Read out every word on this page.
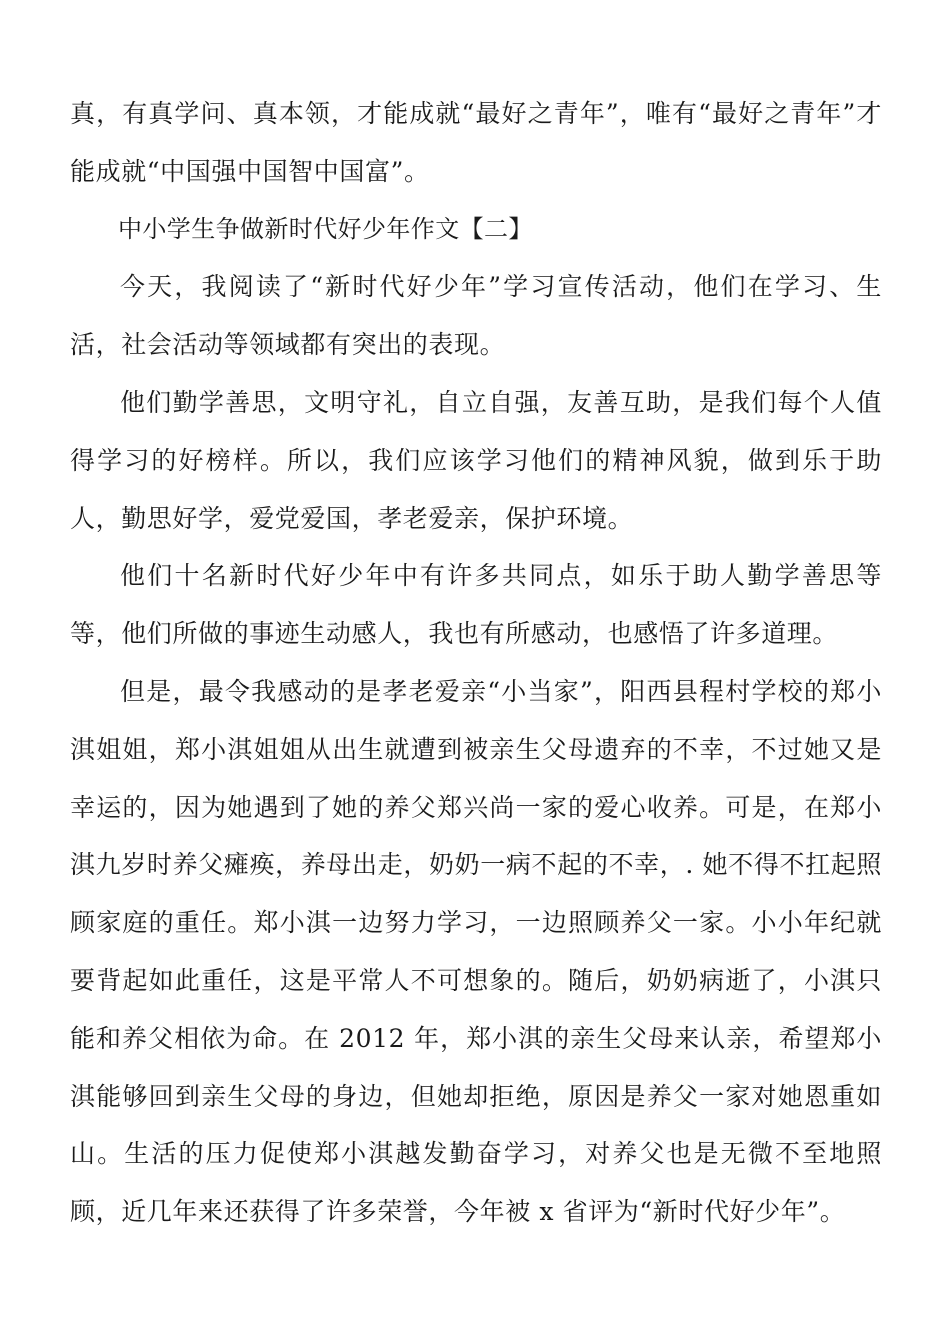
真，有真学问、真本领，才能成就“最好之青年”，唯有“最好之青年”才能成就“中国强中国智中国富”。

中小学生争做新时代好少年作文【二】

今天，我阅读了“新时代好少年”学习宣传活动，他们在学习、生活，社会活动等领域都有突出的表现。

他们勤学善思，文明守礼，自立自强，友善互助，是我们每个人值得学习的好榜样。所以，我们应该学习他们的精神风貌，做到乐于助人，勤思好学，爱党爱国，孝老爱亲，保护环境。

他们十名新时代好少年中有许多共同点，如乐于助人勤学善思等等，他们所做的事迹生动感人，我也有所感动，也感悟了许多道理。

但是，最令我感动的是孝老爱亲“小当家”，阳西县程村学校的郑小淇姐姐，郑小淇姐姐从出生就遭到被亲生父母遗弃的不幸，不过她又是幸运的，因为她遇到了她的养父郑兴尚一家的爱心收养。可是，在郑小淇九岁时养父瘫痪，养母出走，奶奶一病不起的不幸，. 她不得不扛起照顾家庭的重任。郑小淇一边努力学习，一边照顾养父一家。小小年纪就要背起如此重任，这是平常人不可想象的。随后，奶奶病逝了，小淇只能和养父相依为命。在 2012 年，郑小淇的亲生父母来认亲，希望郑小淇能够回到亲生父母的身边，但她却拒绝，原因是养父一家对她恩重如山。生活的压力促使郑小淇越发勤奋学习，对养父也是无微不至地照顾，近几年来还获得了许多荣誉，今年被 x 省评为“新时代好少年”。
